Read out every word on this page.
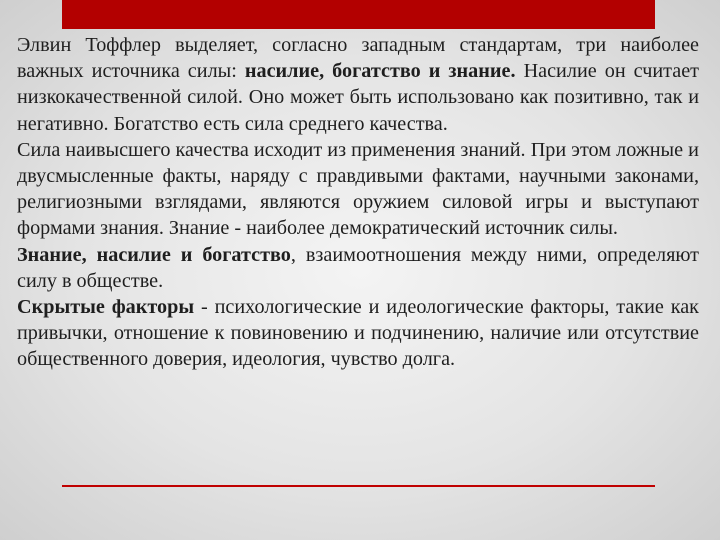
Элвин Тоффлер выделяет, согласно западным стандартам, три наиболее важных источника силы: насилие, богатство и знание. Насилие он считает низкокачественной силой. Оно может быть использовано как позитивно, так и негативно. Богатство есть сила среднего качества.

Сила наивысшего качества исходит из применения знаний. При этом ложные и двусмысленные факты, наряду с правдивыми фактами, научными законами, религиозными взглядами, являются оружием силовой игры и выступают формами знания. Знание - наиболее демократический источник силы.

Знание, насилие и богатство, взаимоотношения между ними, определяют силу в обществе.

Скрытые факторы - психологические и идеологические факторы, такие как привычки, отношение к повиновению и подчинению, наличие или отсутствие общественного доверия, идеология, чувство долга.
